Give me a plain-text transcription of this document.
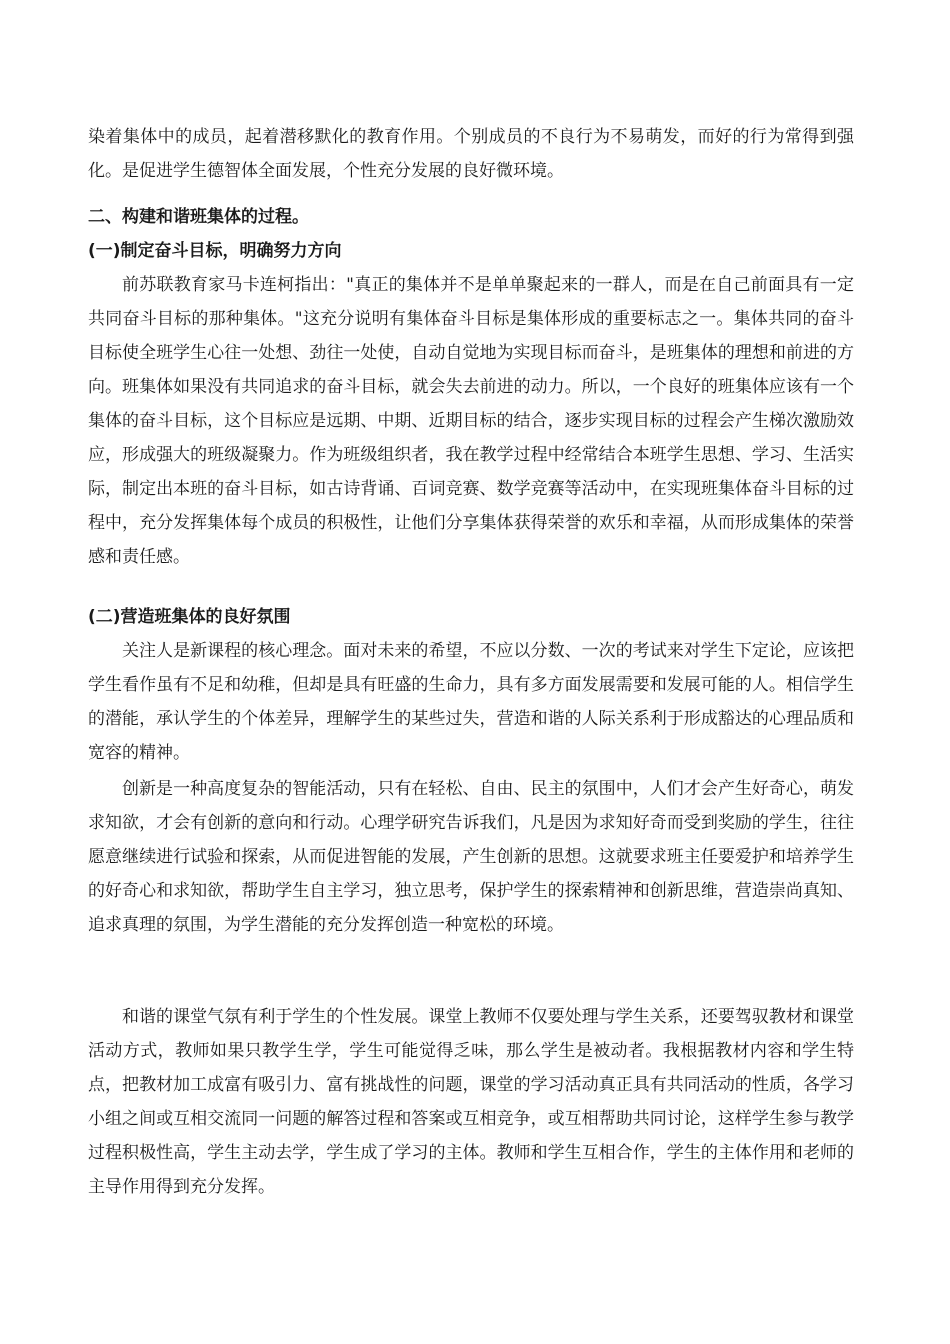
染着集体中的成员，起着潜移默化的教育作用。个别成员的不良行为不易萌发，而好的行为常得到强化。是促进学生德智体全面发展，个性充分发展的良好微环境。

二、构建和谐班集体的过程。

(一)制定奋斗目标，明确努力方向

前苏联教育家马卡连柯指出："真正的集体并不是单单聚起来的一群人，而是在自己前面具有一定共同奋斗目标的那种集体。"这充分说明有集体奋斗目标是集体形成的重要标志之一。集体共同的奋斗目标使全班学生心往一处想、劲往一处使，自动自觉地为实现目标而奋斗，是班集体的理想和前进的方向。班集体如果没有共同追求的奋斗目标，就会失去前进的动力。所以，一个良好的班集体应该有一个集体的奋斗目标，这个目标应是远期、中期、近期目标的结合，逐步实现目标的过程会产生梯次激励效应，形成强大的班级凝聚力。作为班级组织者，我在教学过程中经常结合本班学生思想、学习、生活实际，制定出本班的奋斗目标，如古诗背诵、百词竞赛、数学竞赛等活动中，在实现班集体奋斗目标的过程中，充分发挥集体每个成员的积极性，让他们分享集体获得荣誉的欢乐和幸福，从而形成集体的荣誉感和责任感。

(二)营造班集体的良好氛围

关注人是新课程的核心理念。面对未来的希望，不应以分数、一次的考试来对学生下定论，应该把学生看作虽有不足和幼稚，但却是具有旺盛的生命力，具有多方面发展需要和发展可能的人。相信学生的潜能，承认学生的个体差异，理解学生的某些过失，营造和谐的人际关系利于形成豁达的心理品质和宽容的精神。

创新是一种高度复杂的智能活动，只有在轻松、自由、民主的氛围中，人们才会产生好奇心，萌发求知欲，才会有创新的意向和行动。心理学研究告诉我们，凡是因为求知好奇而受到奖励的学生，往往愿意继续进行试验和探索，从而促进智能的发展，产生创新的思想。这就要求班主任要爱护和培养学生的好奇心和求知欲，帮助学生自主学习，独立思考，保护学生的探索精神和创新思维，营造崇尚真知、追求真理的氛围，为学生潜能的充分发挥创造一种宽松的环境。

和谐的课堂气氛有利于学生的个性发展。课堂上教师不仅要处理与学生关系，还要驾驭教材和课堂活动方式，教师如果只教学生学，学生可能觉得乏味，那么学生是被动者。我根据教材内容和学生特点，把教材加工成富有吸引力、富有挑战性的问题，课堂的学习活动真正具有共同活动的性质，各学习小组之间或互相交流同一问题的解答过程和答案或互相竞争，或互相帮助共同讨论，这样学生参与教学过程积极性高，学生主动去学，学生成了学习的主体。教师和学生互相合作，学生的主体作用和老师的主导作用得到充分发挥。
